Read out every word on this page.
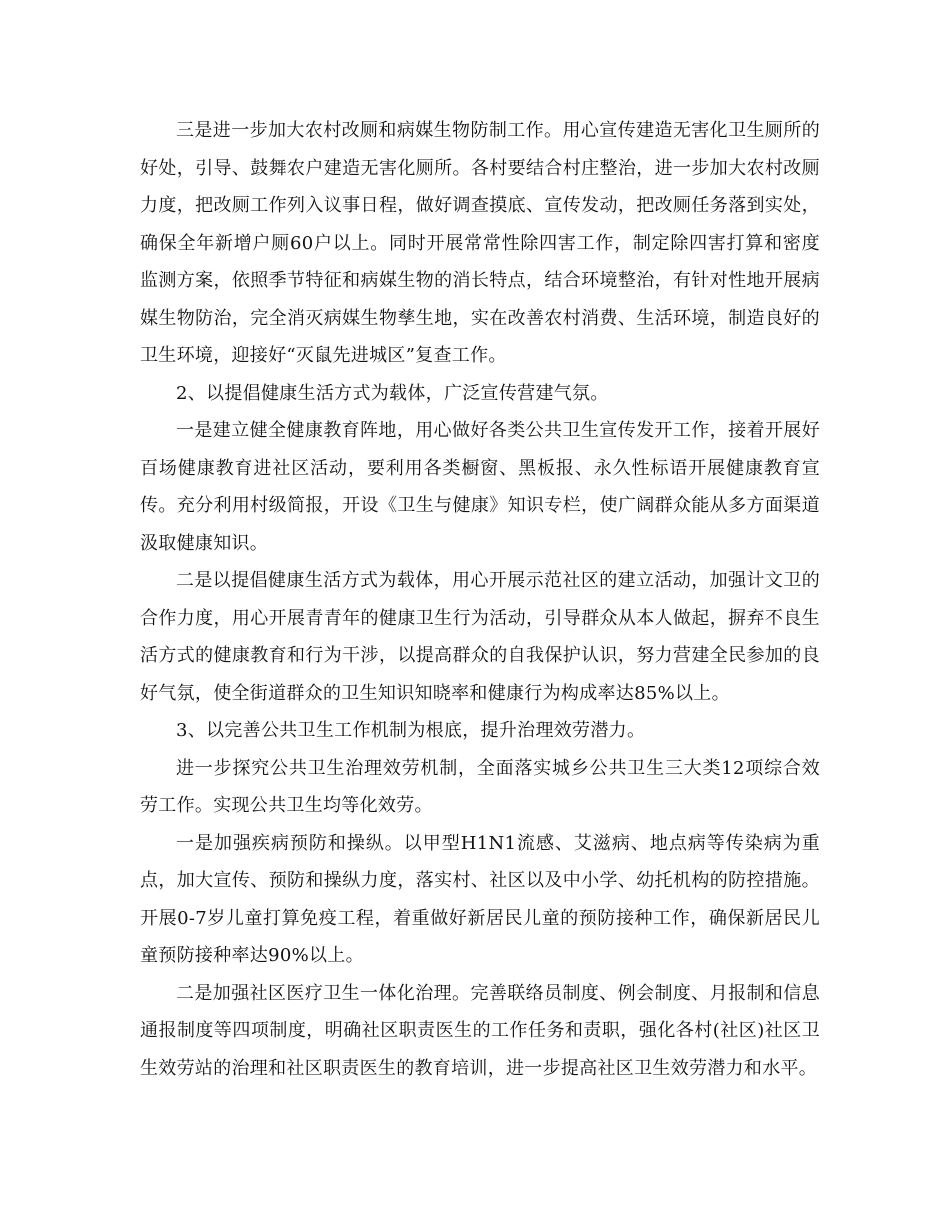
三是进一步加大农村改厕和病媒生物防制工作。用心宣传建造无害化卫生厕所的好处，引导、鼓舞农户建造无害化厕所。各村要结合村庄整治，进一步加大农村改厕力度，把改厕工作列入议事日程，做好调查摸底、宣传发动，把改厕任务落到实处，确保全年新增户厕60户以上。同时开展常常性除四害工作，制定除四害打算和密度监测方案，依照季节特征和病媒生物的消长特点，结合环境整治，有针对性地开展病媒生物防治，完全消灭病媒生物孳生地，实在改善农村消费、生活环境，制造良好的卫生环境，迎接好“灭鼠先进城区”复查工作。

2、以提倡健康生活方式为载体，广泛宣传营建气氛。

一是建立健全健康教育阵地，用心做好各类公共卫生宣传发开工作，接着开展好百场健康教育进社区活动，要利用各类橱窗、黑板报、永久性标语开展健康教育宣传。充分利用村级简报，开设《卫生与健康》知识专栏，使广阔群众能从多方面渠道汲取健康知识。

二是以提倡健康生活方式为载体，用心开展示范社区的建立活动，加强计文卫的合作力度，用心开展青青年的健康卫生行为活动，引导群众从本人做起，摒弃不良生活方式的健康教育和行为干涉，以提高群众的自我保护认识，努力营建全民参加的良好气氛，使全街道群众的卫生知识知晓率和健康行为构成率达85%以上。

3、以完善公共卫生工作机制为根底，提升治理效劳潜力。

进一步探究公共卫生治理效劳机制，全面落实城乡公共卫生三大类12项综合效劳工作。实现公共卫生均等化效劳。

一是加强疾病预防和操纵。以甲型H1N1流感、艾滋病、地点病等传染病为重点，加大宣传、预防和操纵力度，落实村、社区以及中小学、幼托机构的防控措施。开展0-7岁儿童打算免疫工程，着重做好新居民儿童的预防接种工作，确保新居民儿童预防接种率达90%以上。

二是加强社区医疗卫生一体化治理。完善联络员制度、例会制度、月报制和信息通报制度等四项制度，明确社区职责医生的工作任务和责职，强化各村(社区)社区卫生效劳站的治理和社区职责医生的教育培训，进一步提高社区卫生效劳潜力和水平。
